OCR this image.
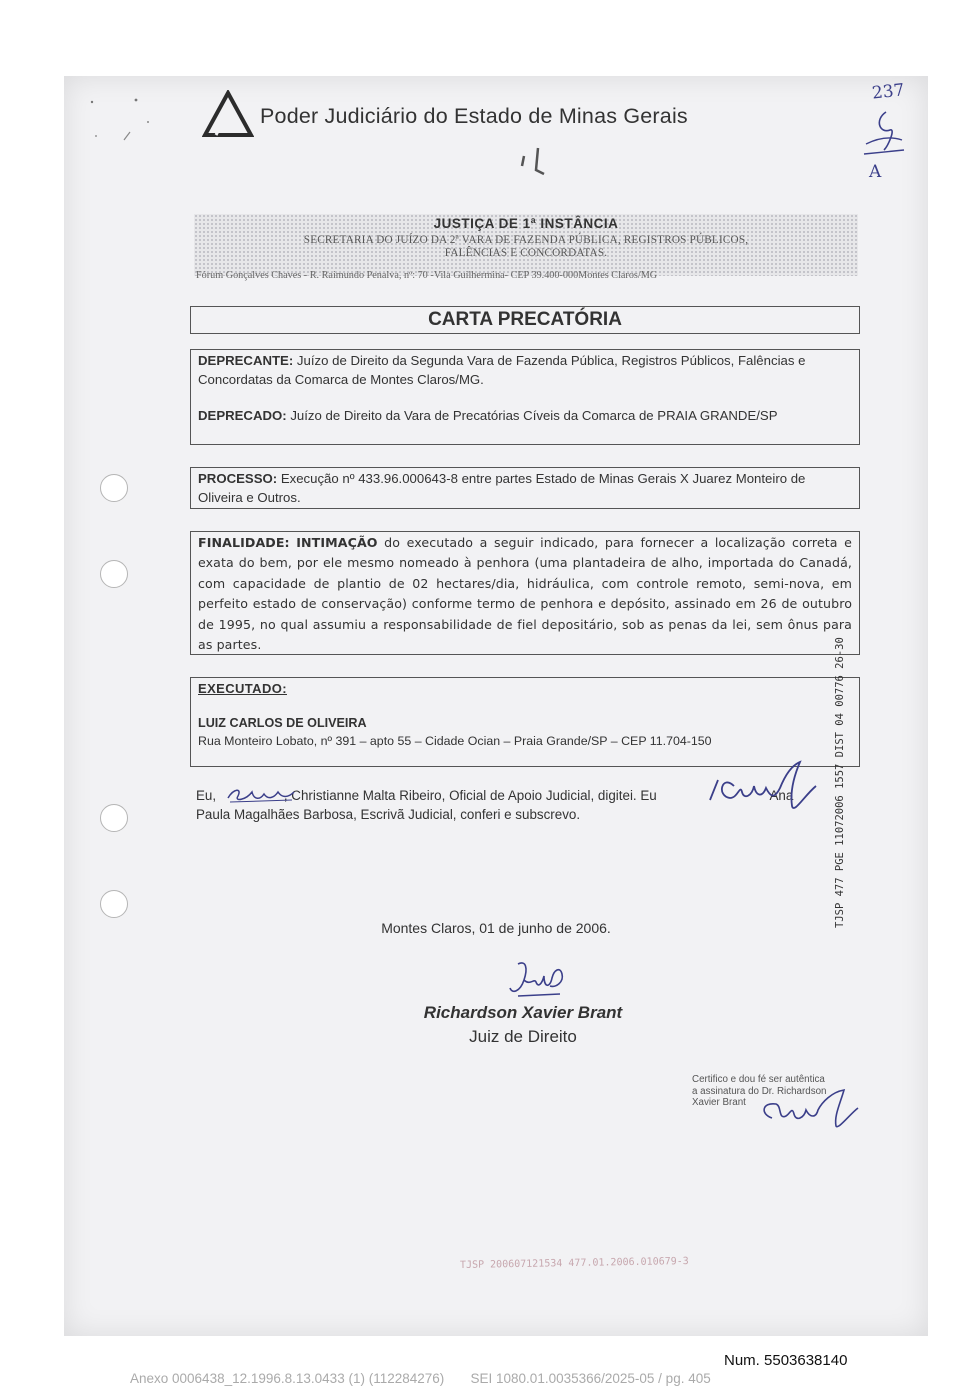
Poder Judiciário do Estado de Minas Gerais
237
A
JUSTIÇA DE 1ª INSTÂNCIA
SECRETARIA DO JUÍZO DA 2ª VARA DE FAZENDA PÚBLICA, REGISTROS PÚBLICOS,
FALÊNCIAS E CONCORDATAS.
Fórum Gonçalves Chaves - R. Raimundo Penalva, nº: 70 -Vila Guilhermina- CEP 39.400-000Montes Claros/MG
CARTA PRECATÓRIA

DEPRECANTE: Juízo de Direito da Segunda Vara de Fazenda Pública, Registros Públicos, Falências e Concordatas da Comarca de Montes Claros/MG.

DEPRECADO: Juízo de Direito da Vara de Precatórias Cíveis da Comarca de PRAIA GRANDE/SP

PROCESSO: Execução nº 433.96.000643-8 entre partes Estado de Minas Gerais X Juarez Monteiro de Oliveira e Outros.

FINALIDADE: INTIMAÇÃO do executado a seguir indicado, para fornecer a localização correta e exata do bem, por ele mesmo nomeado à penhora (uma plantadeira de alho, importada do Canadá, com capacidade de plantio de 02 hectares/dia, hidráulica, com controle remoto, semi-nova, em perfeito estado de conservação) conforme termo de penhora e depósito, assinado em 26 de outubro de 1995, no qual assumiu a responsabilidade de fiel depositário, sob as penas da lei, sem ônus para as partes.

EXECUTADO:
LUIZ CARLOS DE OLIVEIRA
Rua Monteiro Lobato, nº 391 – apto 55 – Cidade Ocian – Praia Grande/SP – CEP 11.704-150
Eu,	, Christianne Malta Ribeiro, Oficial de Apoio Judicial, digitei. Eu	Ana
Paula Magalhães Barbosa, Escrivã Judicial, conferi e subscrevo.
Montes Claros, 01 de junho de 2006.
Richardson Xavier Brant
Juiz de Direito
Certifico e dou fé ser autêntica
a assinatura do Dr. Richardson
Xavier Brant
TJSP 477 PGE 11072006 1557 DIST 04 00776 26-30
TJSP 200607121534 477.01.2006.010679-3
Num. 5503638140
Anexo 0006438_12.1996.8.13.0433 (1) (112284276)       SEI 1080.01.0035366/2025-05 / pg. 405
